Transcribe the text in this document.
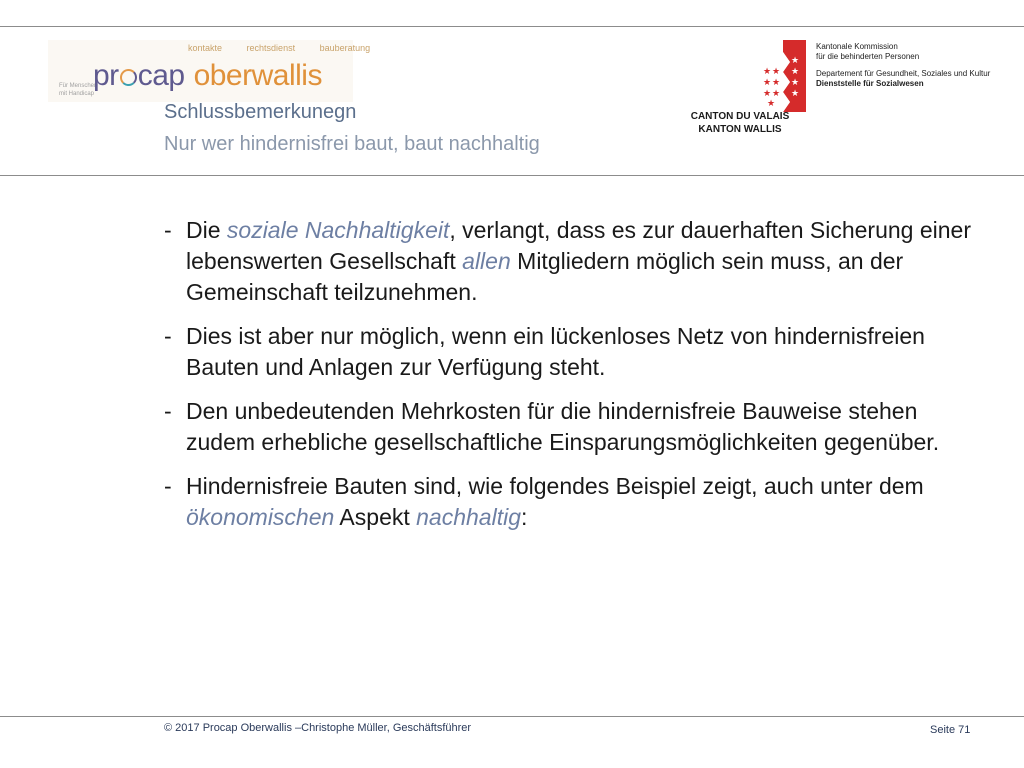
kontakte	rechtsdienst	bauberatung
Für Menschen
mit Handicap
pr cap oberwallis
Schlussbemerkunegn
Nur wer hindernisfrei baut, baut nachhaltig
★ ★
★ ★
★ ★
★
★
★
★
★
CANTON DU VALAIS
KANTON WALLIS
Kantonale Kommission
für die behinderten Personen
Departement für Gesundheit, Soziales und Kultur
Dienststelle für Sozialwesen
- Die soziale Nachhaltigkeit, verlangt, dass es zur dauerhaften Sicherung einer lebenswerten Gesellschaft allen Mitgliedern möglich sein muss, an der Gemeinschaft teilzunehmen.
- Dies ist aber nur möglich, wenn ein lückenloses Netz von hindernisfreien Bauten und Anlagen zur Verfügung steht.
- Den unbedeutenden Mehrkosten für die hindernisfreie Bauweise stehen zudem erhebliche gesellschaftliche Einsparungsmöglichkeiten gegenüber.
- Hindernisfreie Bauten sind, wie folgendes Beispiel zeigt, auch unter dem ökonomischen Aspekt nachhaltig:
© 2017 Procap Oberwallis –Christophe Müller, Geschäftsführer	Seite 71
